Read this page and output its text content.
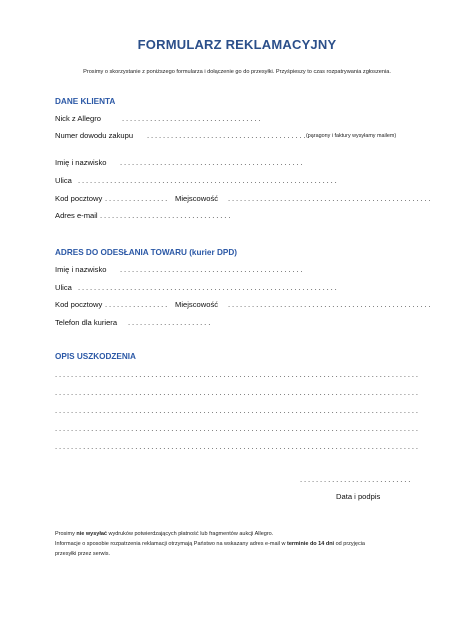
FORMULARZ REKLAMACYJNY
Prosimy o skorzystanie z poniższego formularza i dołączenie go do przesyłki. Przyśpieszy to czas rozpatrywania zgłoszenia.
DANE KLIENTA
Nick z Allegro	...................................
Numer dowodu zakupu ..........................................
(paragony i faktury wysyłamy mailem)
Imię i nazwisko ..............................................
Ulica .................................................................
Kod pocztowy ................ Miejscowość ...................................................
Adres e-mail .................................
ADRES DO ODESŁANIA TOWARU (kurier DPD)
Imię i nazwisko ..............................................
Ulica .................................................................
Kod pocztowy ................ Miejscowość ...................................................
Telefon dla kuriera .....................
OPIS USZKODZENIA
...........................................................................................
...........................................................................................
...........................................................................................
...........................................................................................
...........................................................................................
............................
Data i podpis
Prosimy nie wysyłać wydruków potwierdzających płatność lub fragmentów aukcji Allegro.
Informacje o sposobie rozpatrzenia reklamacji otrzymają Państwo na wskazany adres e-mail w terminie do 14 dni od przyjęcia
przesyłki przez serwis.
